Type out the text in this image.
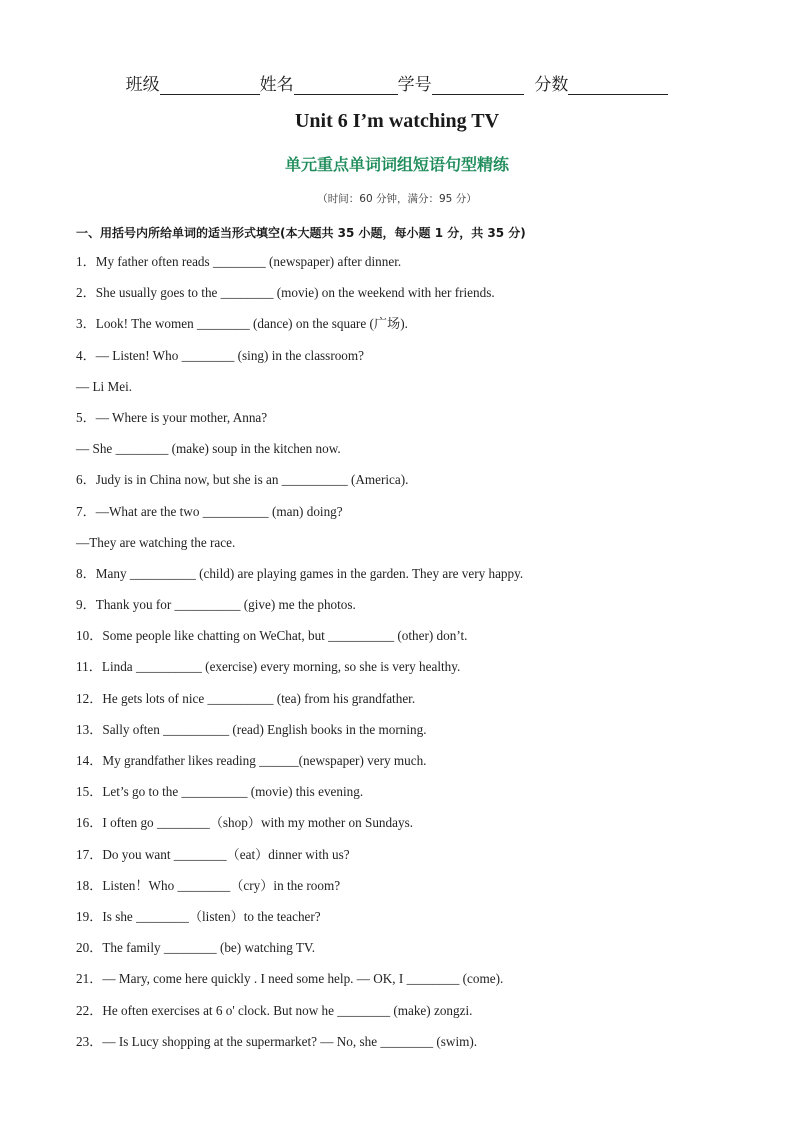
班级	姓名	学号	分数
Unit 6 I’m watching TV
单元重点单词词组短语句型精练
（时间：60 分钟，满分：95 分）
一、用括号内所给单词的适当形式填空(本大题共 35 小题，每小题 1 分，共 35 分)
1．My father often reads ________ (newspaper) after dinner.
2．She usually goes to the ________ (movie) on the weekend with her friends.
3．Look! The women ________ (dance) on the square (广场).
4．— Listen! Who ________ (sing) in the classroom?
— Li Mei.
5．— Where is your mother, Anna?
— She ________ (make) soup in the kitchen now.
6．Judy is in China now, but she is an __________ (America).
7．—What are the two __________ (man) doing?
—They are watching the race.
8．Many __________ (child) are playing games in the garden. They are very happy.
9．Thank you for __________ (give) me the photos.
10．Some people like chatting on WeChat, but __________ (other) don’t.
11．Linda __________ (exercise) every morning, so she is very healthy.
12．He gets lots of nice __________ (tea) from his grandfather.
13．Sally often __________ (read) English books in the morning.
14．My grandfather likes reading ______(newspaper) very much.
15．Let’s go to the __________ (movie) this evening.
16．I often go ________（shop）with my mother on Sundays.
17．Do you want ________（eat）dinner with us?
18．Listen！Who ________（cry）in the room?
19．Is she ________（listen）to the teacher?
20．The family ________ (be) watching TV.
21．— Mary, come here quickly . I need some help. — OK, I ________ (come).
22．He often exercises at 6 o' clock. But now he ________ (make) zongzi.
23．— Is Lucy shopping at the supermarket? — No, she ________ (swim).
